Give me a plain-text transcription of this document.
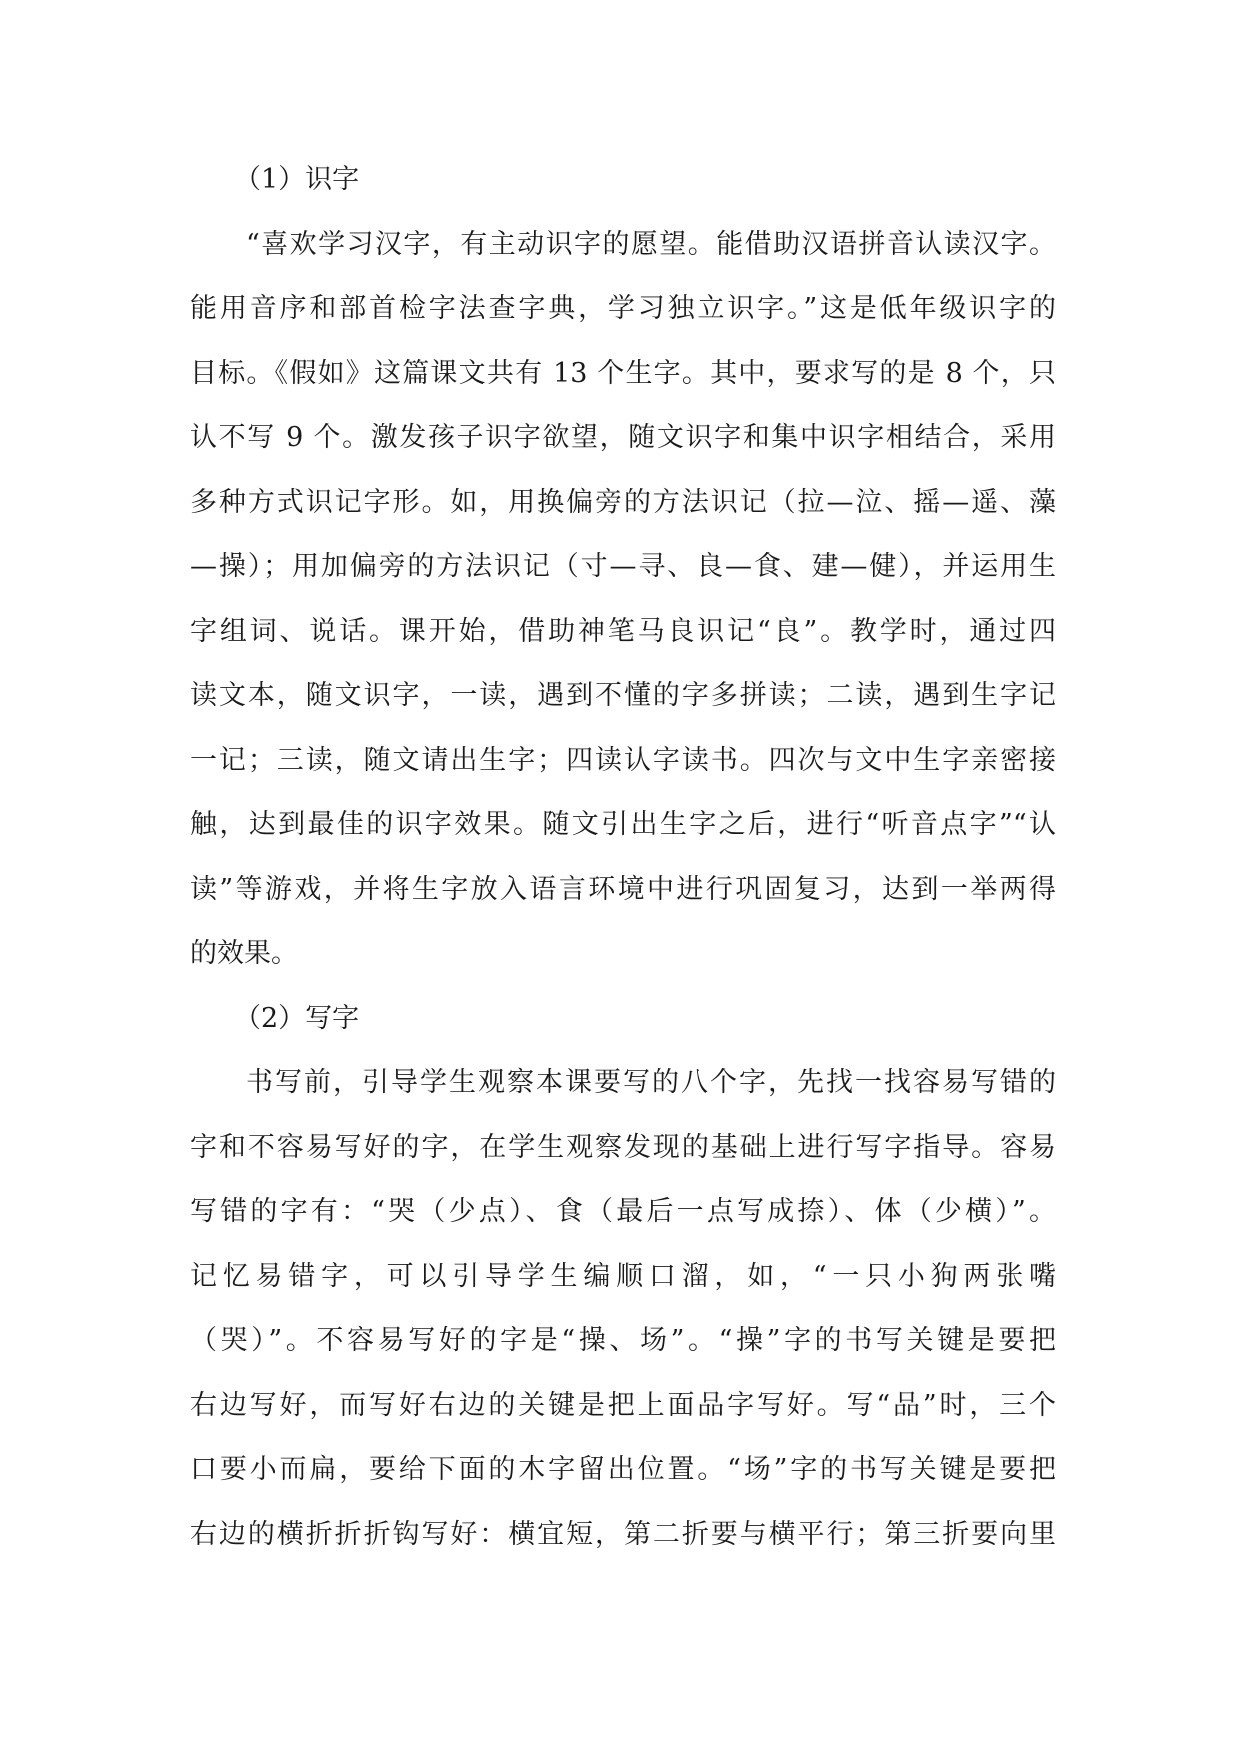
（1）识字
“喜欢学习汉字，有主动识字的愿望。能借助汉语拼音认读汉字。
能用音序和部首检字法查字典，学习独立识字。”这是低年级识字的
目标。《假如》这篇课文共有 13 个生字。其中，要求写的是 8 个，只
认不写 9 个。激发孩子识字欲望，随文识字和集中识字相结合，采用
多种方式识记字形。如，用换偏旁的方法识记（拉—泣、摇—遥、藻
—操）；用加偏旁的方法识记（寸—寻、良—食、建—健），并运用生
字组词、说话。课开始，借助神笔马良识记“良”。教学时，通过四
读文本，随文识字，一读，遇到不懂的字多拼读；二读，遇到生字记
一记；三读，随文请出生字；四读认字读书。四次与文中生字亲密接
触，达到最佳的识字效果。随文引出生字之后，进行“听音点字”“认
读”等游戏，并将生字放入语言环境中进行巩固复习，达到一举两得
的效果。
（2）写字
书写前，引导学生观察本课要写的八个字，先找一找容易写错的
字和不容易写好的字，在学生观察发现的基础上进行写字指导。容易
写错的字有：“哭（少点）、食（最后一点写成捺）、体（少横）”。
记忆易错字，可以引导学生编顺口溜，如，“一只小狗两张嘴
（哭）”。不容易写好的字是“操、场”。“操”字的书写关键是要把
右边写好，而写好右边的关键是把上面品字写好。写“品”时，三个
口要小而扁，要给下面的木字留出位置。“场”字的书写关键是要把
右边的横折折折钩写好：横宜短，第二折要与横平行；第三折要向里
